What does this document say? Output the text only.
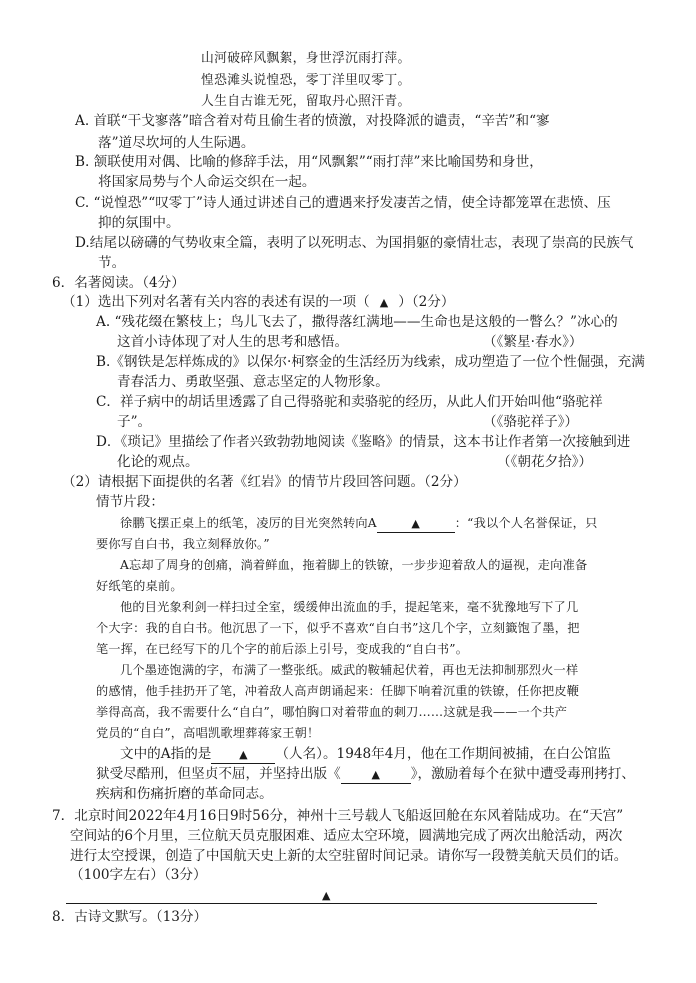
山河破碎风飘絮，身世浮沉雨打萍。
惶恐滩头说惶恐，零丁洋里叹零丁。
人生自古谁无死，留取丹心照汗青。
A. 首联“干戈寥落”暗含着对苟且偷生者的愤激，对投降派的谴责，“辛苦”和“寥
落”道尽坎坷的人生际遇。
B. 颔联使用对偶、比喻的修辞手法，用“风飘絮”“雨打萍”来比喻国势和身世，
将国家局势与个人命运交织在一起。
C. “说惶恐”“叹零丁”诗人通过讲述自己的遭遇来抒发凄苦之情，使全诗都笼罩在悲愤、压
抑的氛围中。
D.结尾以磅礴的气势收束全篇，表明了以死明志、为国捐躯的豪情壮志，表现了崇高的民族气
节。
6．名著阅读。（4分）
（1）选出下列对名著有关内容的表述有误的一项（ ▲ ）（2分）
A. “残花缀在繁枝上；鸟儿飞去了，撒得落红满地——生命也是这般的一瞥么？”冰心的
这首小诗体现了对人生的思考和感悟。	（《繁星·春水》）
B.《钢铁是怎样炼成的》以保尔·柯察金的生活经历为线索，成功塑造了一位个性倔强，充满
青春活力、勇敢坚强、意志坚定的人物形象。
C．祥子病中的胡话里透露了自己得骆驼和卖骆驼的经历，从此人们开始叫他“骆驼祥
子”。	（《骆驼祥子》）
D．《琐记》里描绘了作者兴致勃勃地阅读《鉴略》的情景，这本书让作者第一次接触到进
化论的观点。	（《朝花夕拾》）
（2）请根据下面提供的名著《红岩》的情节片段回答问题。（2分）
情节片段：
徐鹏飞摆正桌上的纸笔，凌厉的目光突然转向A	▲	：“我以个人名誉保证，只
要你写自白书，我立刻释放你。”
A忘却了周身的创痛，淌着鲜血，拖着脚上的铁镣，一步步迎着敌人的逼视，走向准备
好纸笔的桌前。
他的目光象利剑一样扫过全室，缓缓伸出流血的手，提起笔来，毫不犹豫地写下了几
个大字：我的自白书。他沉思了一下，似乎不喜欢“自白书”这几个字，立刻籤饱了墨，把
笔一挥，在已经写下的几个字的前后添上引号，变成我的“自白书”。
几个墨迹饱满的字，布满了一整张纸。威武的鞍辅起伏着，再也无法抑制那烈火一样
的感情，他手挂扔开了笔，冲着敌人高声朗诵起来：任脚下响着沉重的铁镣，任你把皮鞭
挙得高高，我不需要什么“自白”，哪怕胸口对着带血的刺刀……这就是我——一个共产
党员的“自白”，高唱凯歌埋葬蒋家王朝！
文中的A指的是	▲ （人名）。1948年4月，他在工作期间被捕，在白公馆监
狱受尽酷刑，但坚贞不屈，并坚持出版《	▲ 》，激励着每个在狱中遭受毒刑拷打、
疾病和伤痛折磨的革命同志。
7．北京时间2022年4月16日9时56分，神州十三号载人飞船返回舱在东风着陆成功。在“天宫”
空间站的6个月里，三位航天员克服困难、适应太空环境，圆满地完成了两次出舱活动，两次
进行太空授课，创造了中国航天史上新的太空驻留时间记录。请你写一段赞美航天员们的话。
（100字左右）（3分）
▲
8．古诗文默写。（13分）
